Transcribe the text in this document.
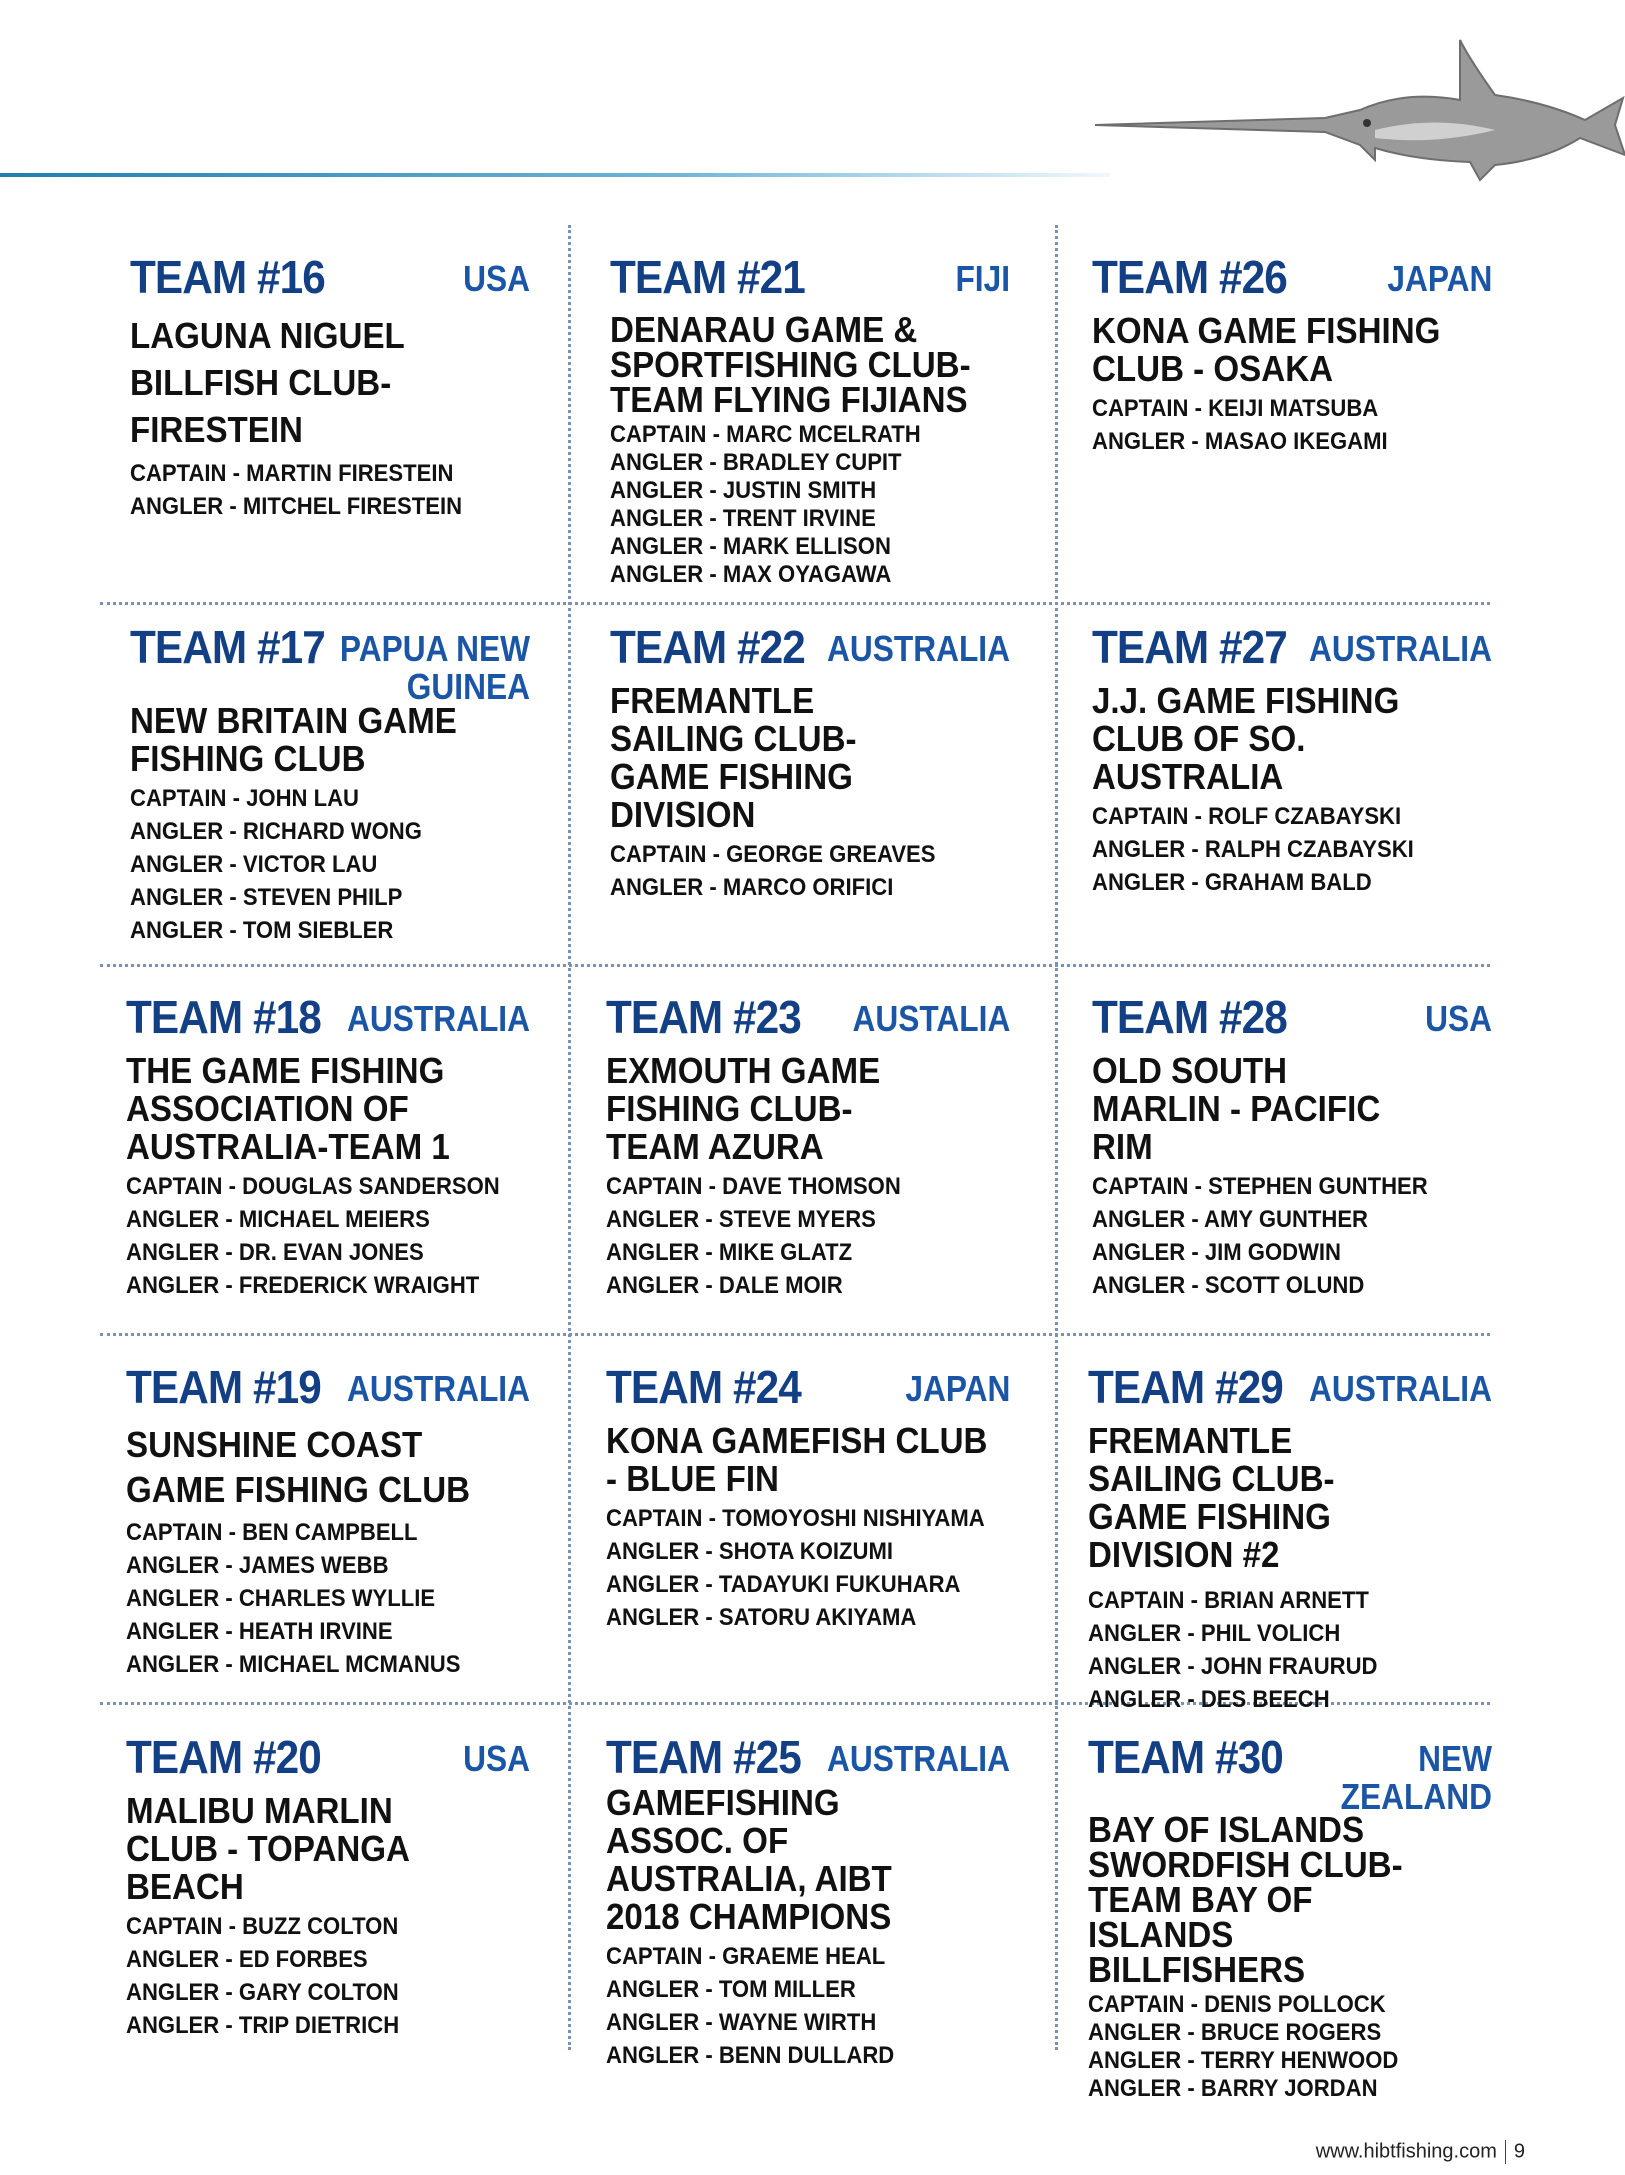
TEAM #16	USA
LAGUNA NIGUEL BILLFISH CLUB-FIRESTEIN
CAPTAIN - MARTIN FIRESTEIN
ANGLER - MITCHEL FIRESTEIN
TEAM #21	FIJI
DENARAU GAME & SPORTFISHING CLUB- TEAM FLYING FIJIANS
CAPTAIN - MARC MCELRATH
ANGLER - BRADLEY CUPIT
ANGLER - JUSTIN SMITH
ANGLER - TRENT IRVINE
ANGLER - MARK ELLISON
ANGLER - MAX OYAGAWA
TEAM #26	JAPAN
KONA GAME FISHING CLUB - OSAKA
CAPTAIN - KEIJI MATSUBA
ANGLER - MASAO IKEGAMI
TEAM #17 PAPUA NEW GUINEA
NEW BRITAIN GAME FISHING CLUB
CAPTAIN - JOHN LAU
ANGLER - RICHARD WONG
ANGLER - VICTOR LAU
ANGLER - STEVEN PHILP
ANGLER - TOM SIEBLER
TEAM #22 AUSTRALIA
FREMANTLE SAILING CLUB- GAME FISHING DIVISION
CAPTAIN - GEORGE GREAVES
ANGLER - MARCO ORIFICI
TEAM #27 AUSTRALIA
J.J. GAME FISHING CLUB OF SO. AUSTRALIA
CAPTAIN - ROLF CZABAYSKI
ANGLER - RALPH CZABAYSKI
ANGLER - GRAHAM BALD
TEAM #18 AUSTRALIA
THE GAME FISHING ASSOCIATION OF AUSTRALIA-TEAM 1
CAPTAIN - DOUGLAS SANDERSON
ANGLER - MICHAEL MEIERS
ANGLER - DR. EVAN JONES
ANGLER - FREDERICK WRAIGHT
TEAM #23 AUSTALIA
EXMOUTH GAME FISHING CLUB- TEAM AZURA
CAPTAIN - DAVE THOMSON
ANGLER - STEVE MYERS
ANGLER - MIKE GLATZ
ANGLER - DALE MOIR
TEAM #28	USA
OLD SOUTH MARLIN - PACIFIC RIM
CAPTAIN - STEPHEN GUNTHER
ANGLER - AMY GUNTHER
ANGLER - JIM GODWIN
ANGLER - SCOTT OLUND
TEAM #19 AUSTRALIA
SUNSHINE COAST GAME FISHING CLUB
CAPTAIN - BEN CAMPBELL
ANGLER - JAMES WEBB
ANGLER - CHARLES WYLLIE
ANGLER - HEATH IRVINE
ANGLER - MICHAEL MCMANUS
TEAM #24	JAPAN
KONA GAMEFISH CLUB - BLUE FIN
CAPTAIN - TOMOYOSHI NISHIYAMA
ANGLER - SHOTA KOIZUMI
ANGLER - TADAYUKI FUKUHARA
ANGLER - SATORU AKIYAMA
TEAM #29 AUSTRALIA
FREMANTLE SAILING CLUB- GAME FISHING DIVISION #2
CAPTAIN - BRIAN ARNETT
ANGLER - PHIL VOLICH
ANGLER - JOHN FRAURUD
ANGLER - DES BEECH
TEAM #20	USA
MALIBU MARLIN CLUB - TOPANGA BEACH
CAPTAIN - BUZZ COLTON
ANGLER - ED FORBES
ANGLER - GARY COLTON
ANGLER - TRIP DIETRICH
TEAM #25 AUSTRALIA
GAMEFISHING ASSOC. OF AUSTRALIA, AIBT 2018 CHAMPIONS
CAPTAIN - GRAEME HEAL
ANGLER - TOM MILLER
ANGLER - WAYNE WIRTH
ANGLER - BENN DULLARD
TEAM #30	NEW ZEALAND
BAY OF ISLANDS SWORDFISH CLUB- TEAM BAY OF ISLANDS BILLFISHERS
CAPTAIN - DENIS POLLOCK
ANGLER - BRUCE ROGERS
ANGLER - TERRY HENWOOD
ANGLER - BARRY JORDAN
www.hibtfishing.com 9
